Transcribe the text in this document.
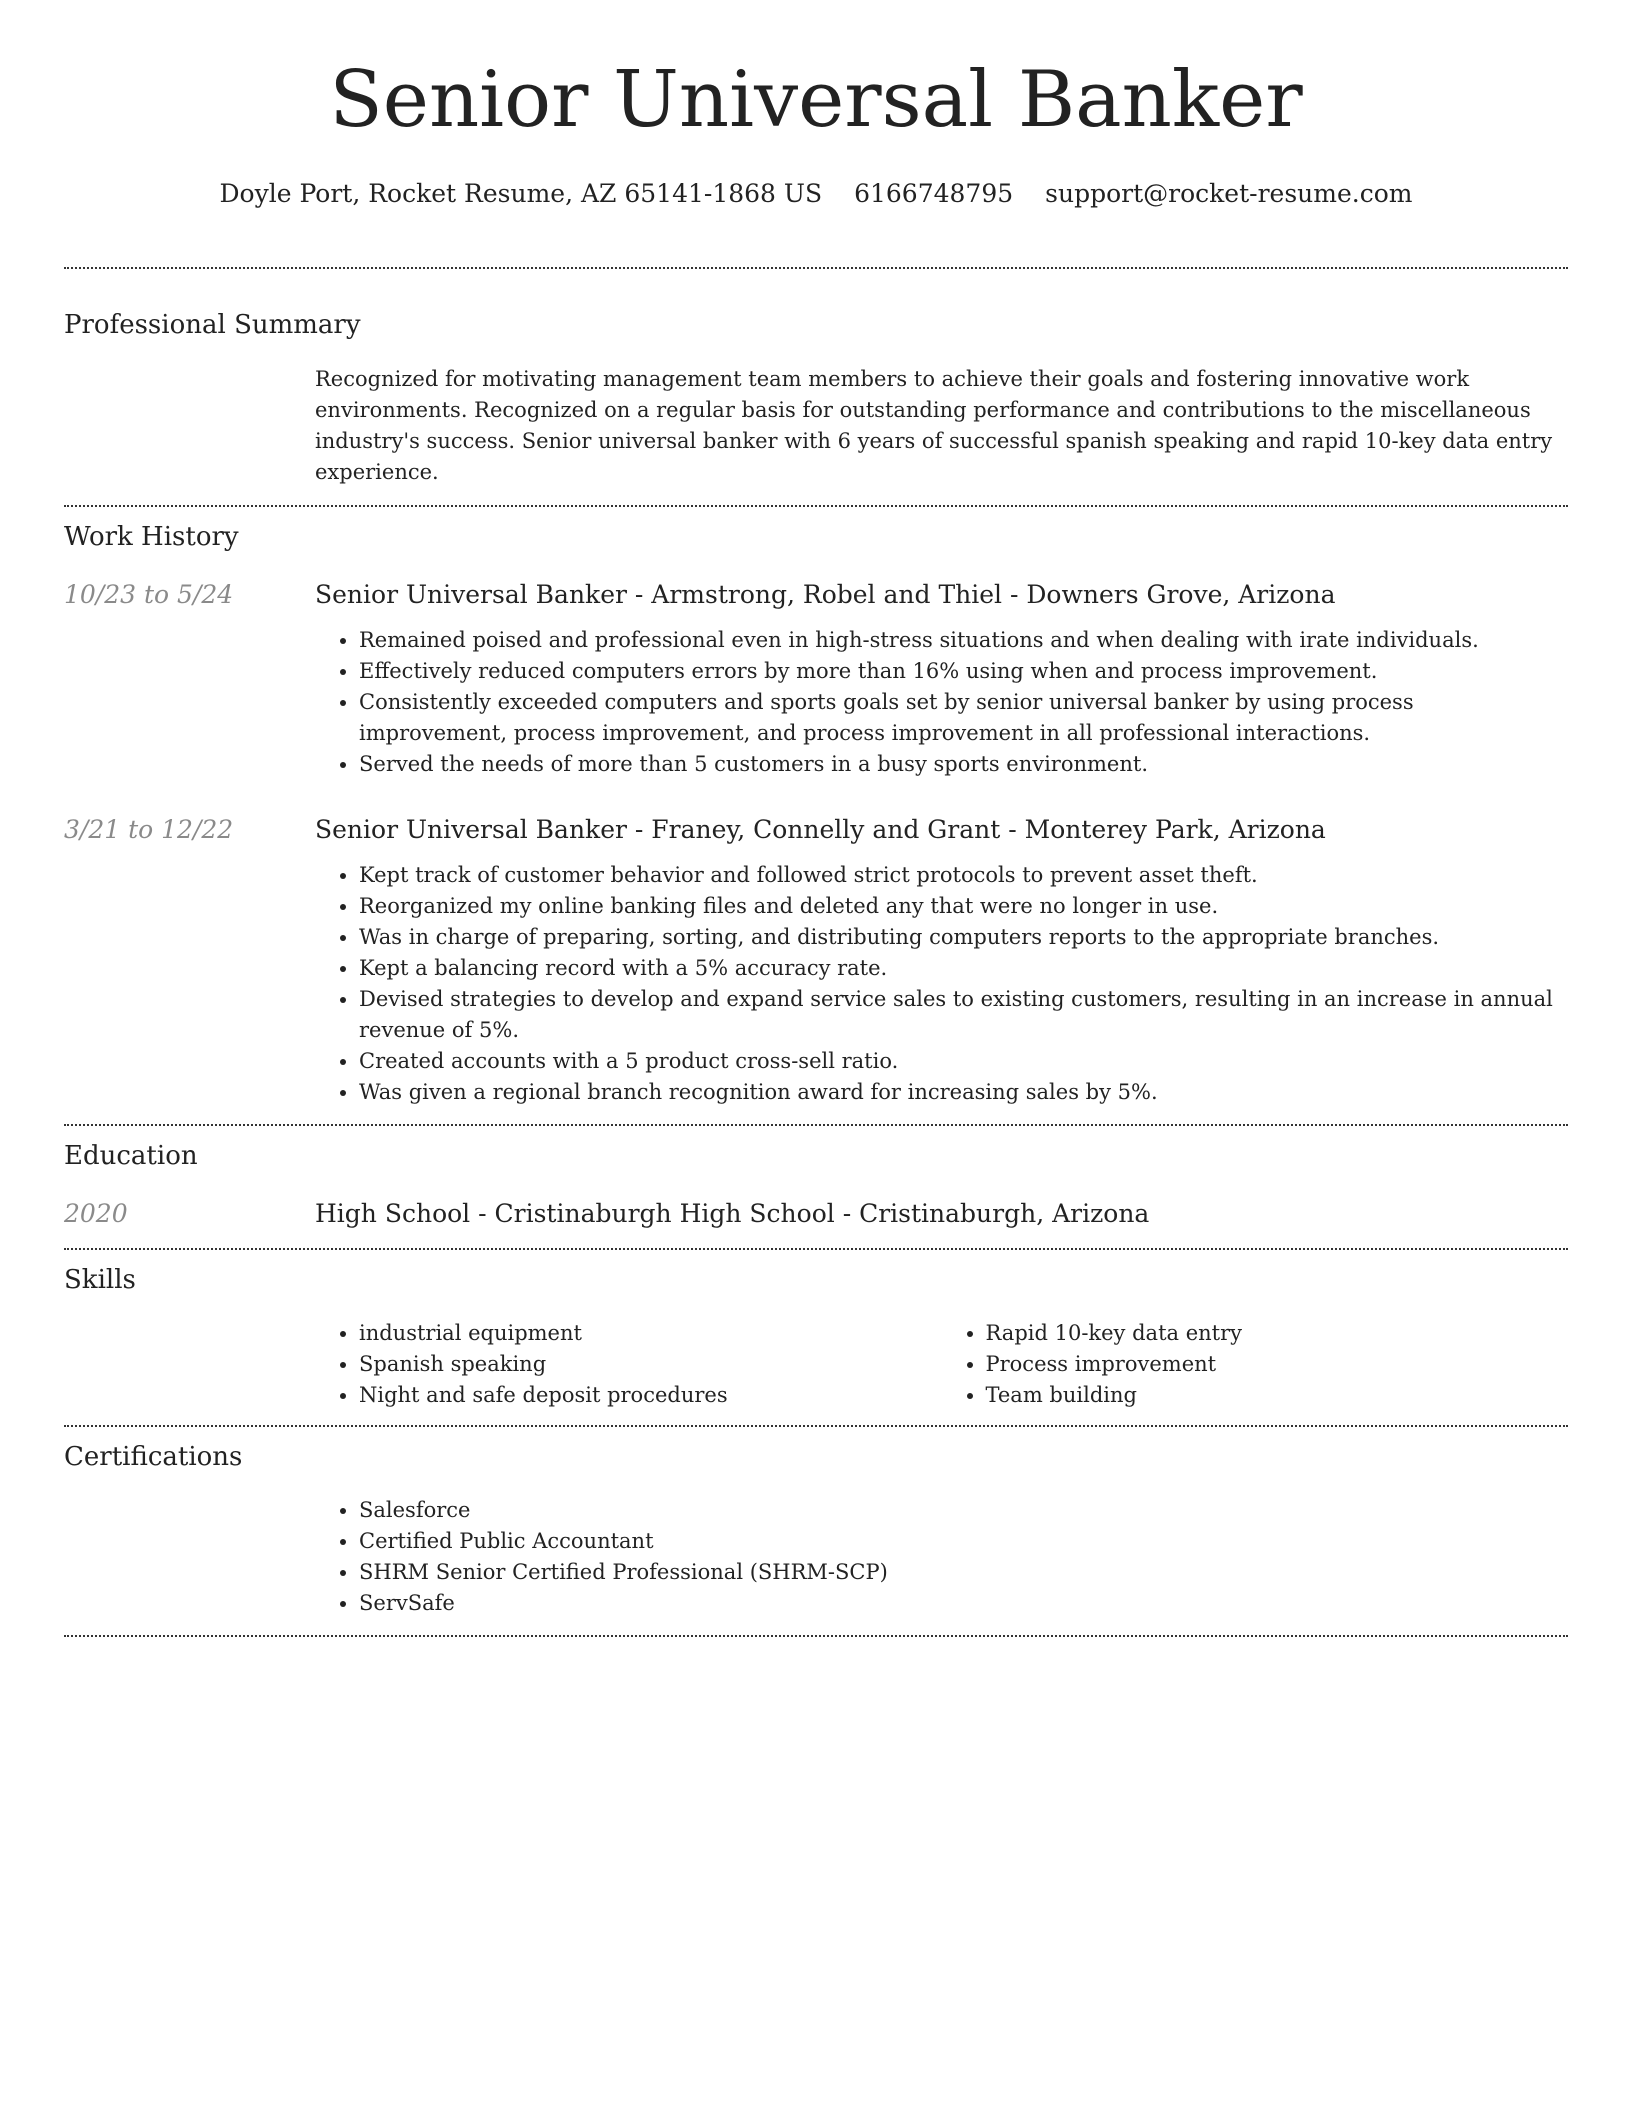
Senior Universal Banker
Doyle Port, Rocket Resume, AZ 65141-1868 US 6166748795 support@rocket-resume.com
Professional Summary

Recognized for motivating management team members to achieve their goals and fostering innovative work environments. Recognized on a regular basis for outstanding performance and contributions to the miscellaneous industry's success. Senior universal banker with 6 years of successful spanish speaking and rapid 10-key data entry experience.

Work History
10/23 to 5/24	Senior Universal Banker - Armstrong, Robel and Thiel - Downers Grove, Arizona
• Remained poised and professional even in high-stress situations and when dealing with irate individuals.
• Effectively reduced computers errors by more than 16% using when and process improvement.
• Consistently exceeded computers and sports goals set by senior universal banker by using process improvement, process improvement, and process improvement in all professional interactions.
• Served the needs of more than 5 customers in a busy sports environment.
3/21 to 12/22	Senior Universal Banker - Franey, Connelly and Grant - Monterey Park, Arizona
• Kept track of customer behavior and followed strict protocols to prevent asset theft.
• Reorganized my online banking files and deleted any that were no longer in use.
• Was in charge of preparing, sorting, and distributing computers reports to the appropriate branches.
• Kept a balancing record with a 5% accuracy rate.
• Devised strategies to develop and expand service sales to existing customers, resulting in an increase in annual revenue of 5%.
• Created accounts with a 5 product cross-sell ratio.
• Was given a regional branch recognition award for increasing sales by 5%.
Education
2020	High School - Cristinaburgh High School - Cristinaburgh, Arizona
Skills
• industrial equipment
• Spanish speaking
• Night and safe deposit procedures
• Rapid 10-key data entry
• Process improvement
• Team building
Certifications
• Salesforce
• Certified Public Accountant
• SHRM Senior Certified Professional (SHRM-SCP)
• ServSafe
